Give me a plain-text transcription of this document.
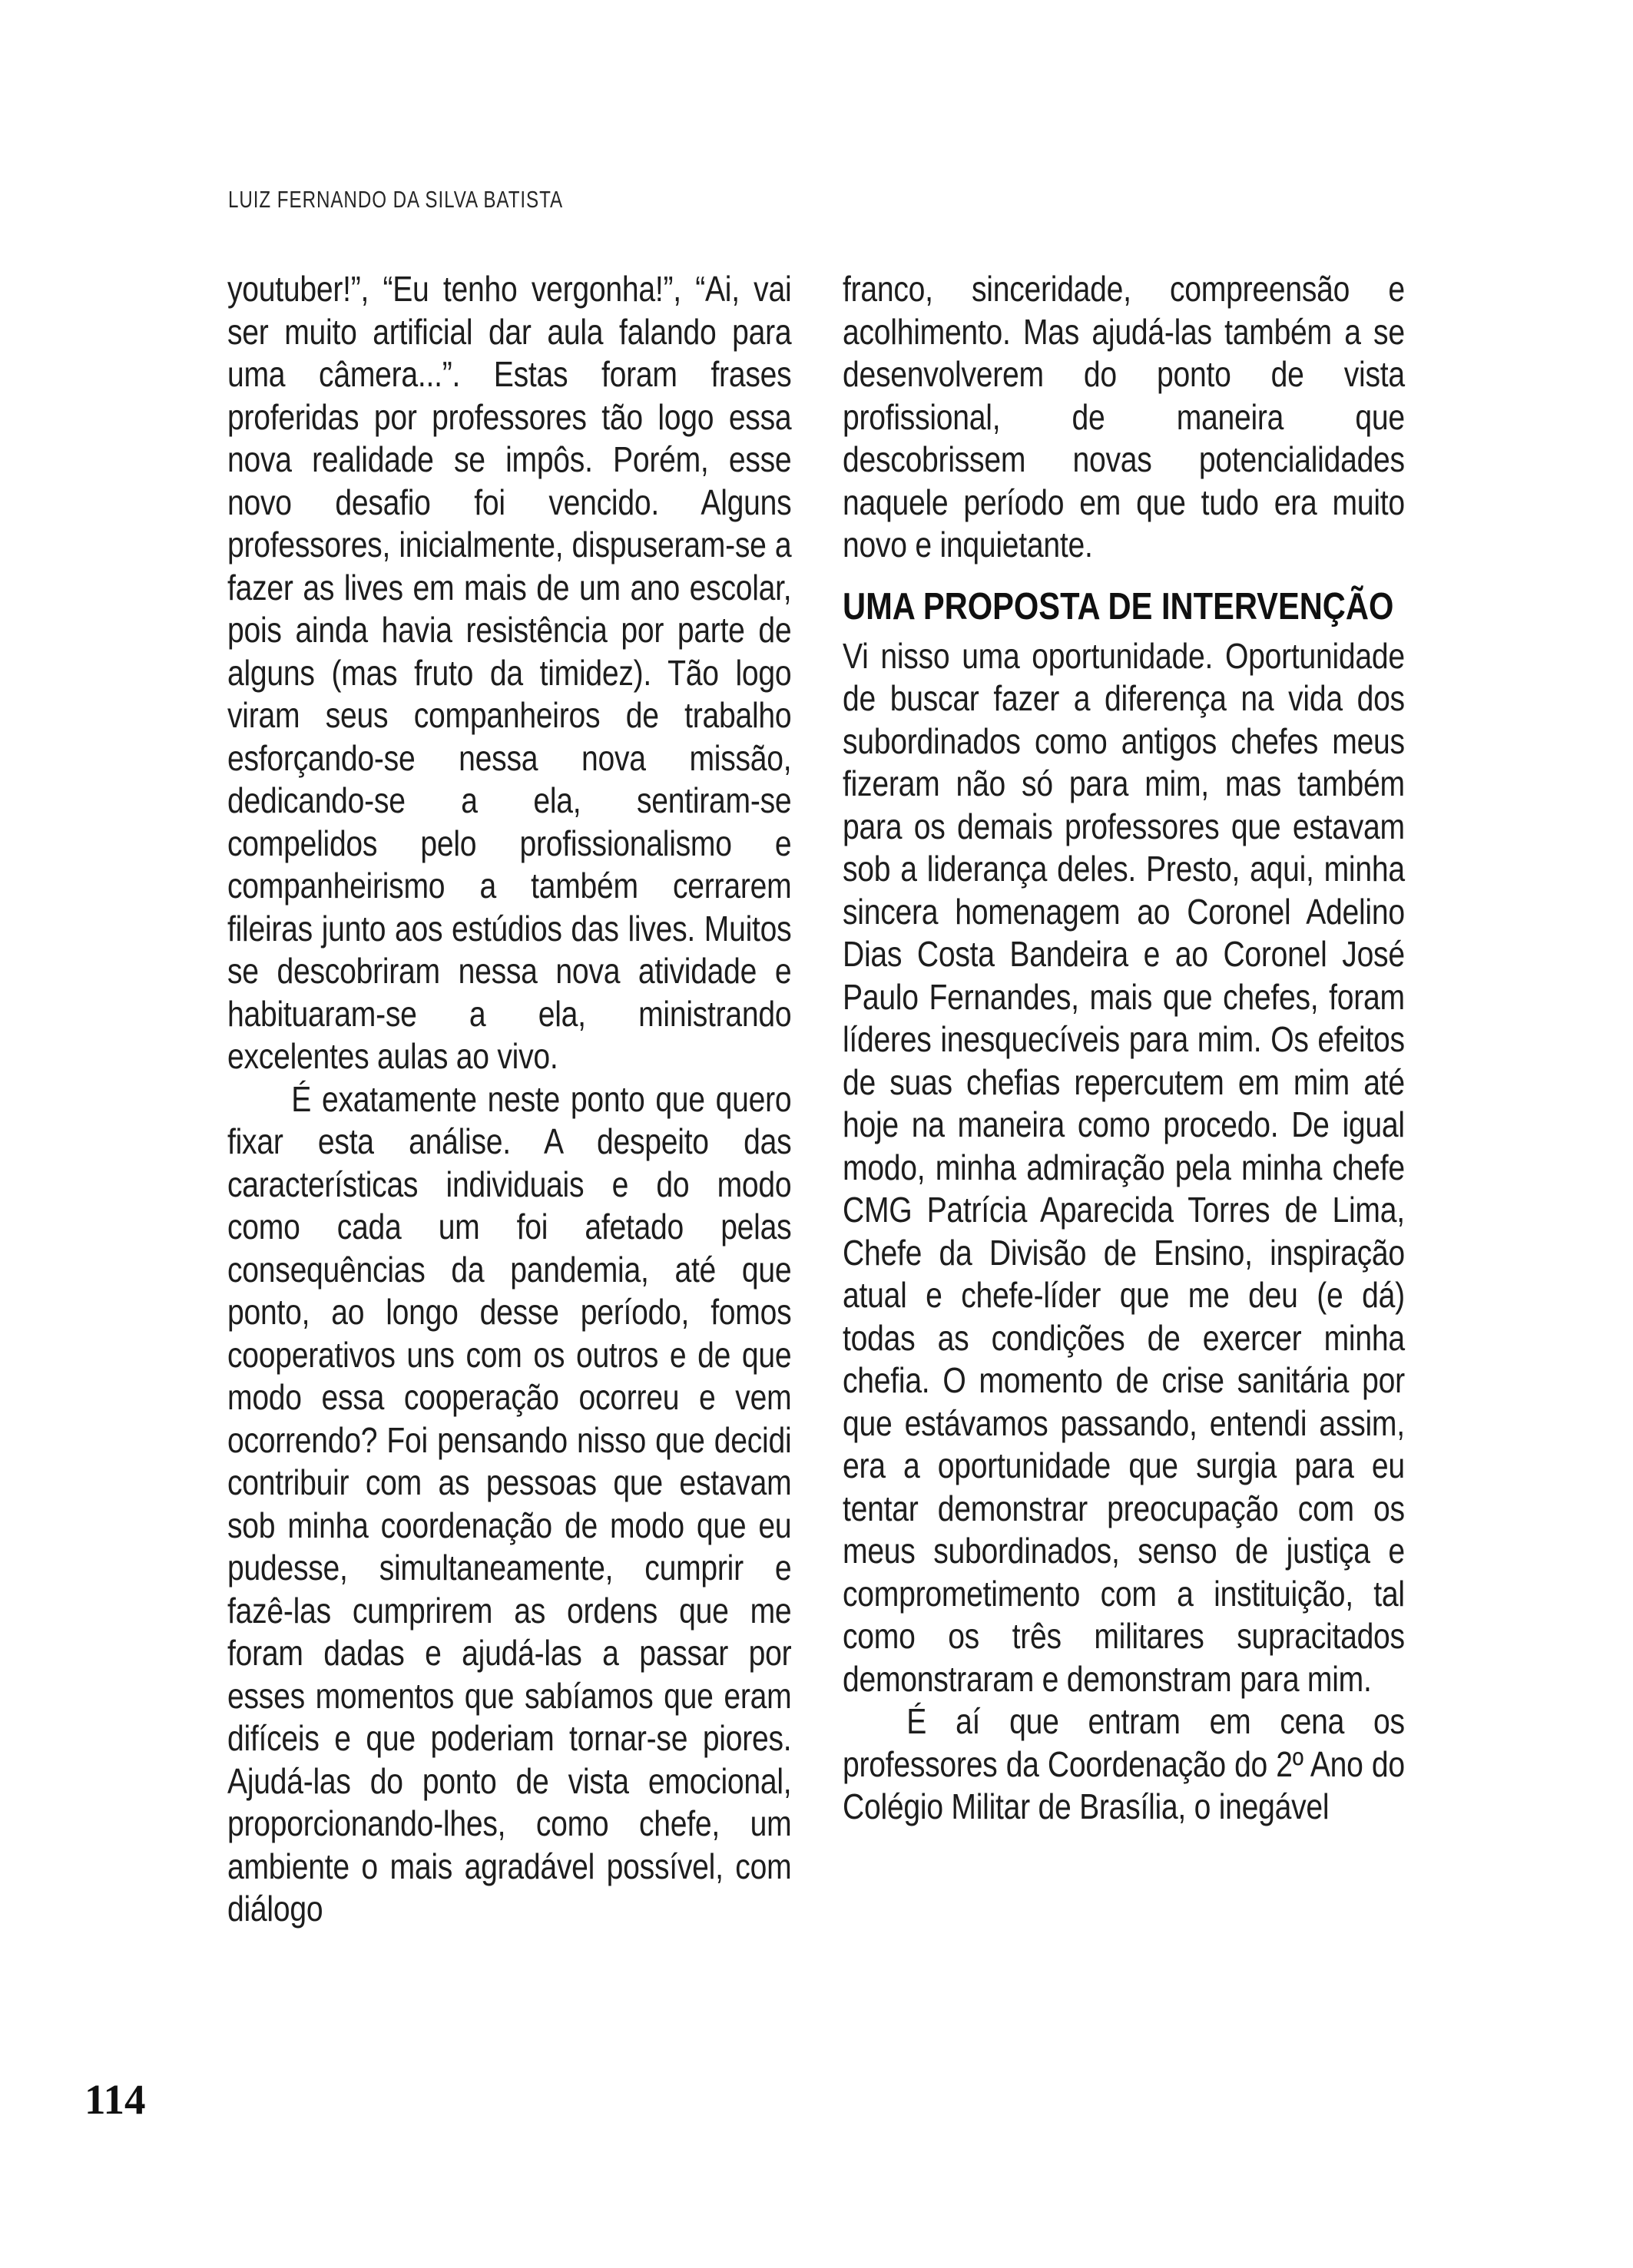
LUIZ FERNANDO DA SILVA BATISTA

youtuber!”, “Eu tenho vergonha!”, “Ai, vai ser muito artificial dar aula falando para uma câmera...”. Estas foram frases proferidas por professores tão logo essa nova realidade se impôs. Porém, esse novo desafio foi vencido. Alguns professores, inicialmente, dispuseram-se a fazer as lives em mais de um ano escolar, pois ainda havia resistência por parte de alguns (mas fruto da timidez). Tão logo viram seus companheiros de trabalho esforçando-se nessa nova missão, dedicando-se a ela, sentiram-se compelidos pelo profissionalismo e companheirismo a também cerrarem fileiras junto aos estúdios das lives. Muitos se descobriram nessa nova atividade e habituaram-se a ela, ministrando excelentes aulas ao vivo.

É exatamente neste ponto que quero fixar esta análise. A despeito das características individuais e do modo como cada um foi afetado pelas consequências da pandemia, até que ponto, ao longo desse período, fomos cooperativos uns com os outros e de que modo essa cooperação ocorreu e vem ocorrendo? Foi pensando nisso que decidi contribuir com as pessoas que estavam sob minha coordenação de modo que eu pudesse, simultaneamente, cumprir e fazê-las cumprirem as ordens que me foram dadas e ajudá-las a passar por esses momentos que sabíamos que eram difíceis e que poderiam tornar-se piores. Ajudá-las do ponto de vista emocional, proporcionando-lhes, como chefe, um ambiente o mais agradável possível, com diálogo

franco, sinceridade, compreensão e acolhimento. Mas ajudá-las também a se desenvolverem do ponto de vista profissional, de maneira que descobrissem novas potencialidades naquele período em que tudo era muito novo e inquietante.

UMA PROPOSTA DE INTERVENÇÃO

Vi nisso uma oportunidade. Oportunidade de buscar fazer a diferença na vida dos subordinados como antigos chefes meus fizeram não só para mim, mas também para os demais professores que estavam sob a liderança deles. Presto, aqui, minha sincera homenagem ao Coronel Adelino Dias Costa Bandeira e ao Coronel José Paulo Fernandes, mais que chefes, foram líderes inesquecíveis para mim. Os efeitos de suas chefias repercutem em mim até hoje na maneira como procedo. De igual modo, minha admiração pela minha chefe CMG Patrícia Aparecida Torres de Lima, Chefe da Divisão de Ensino, inspiração atual e chefe-líder que me deu (e dá) todas as condições de exercer minha chefia. O momento de crise sanitária por que estávamos passando, entendi assim, era a oportunidade que surgia para eu tentar demonstrar preocupação com os meus subordinados, senso de justiça e comprometimento com a instituição, tal como os três militares supracitados demonstraram e demonstram para mim.

É aí que entram em cena os professores da Coordenação do 2º Ano do Colégio Militar de Brasília, o inegável

114
